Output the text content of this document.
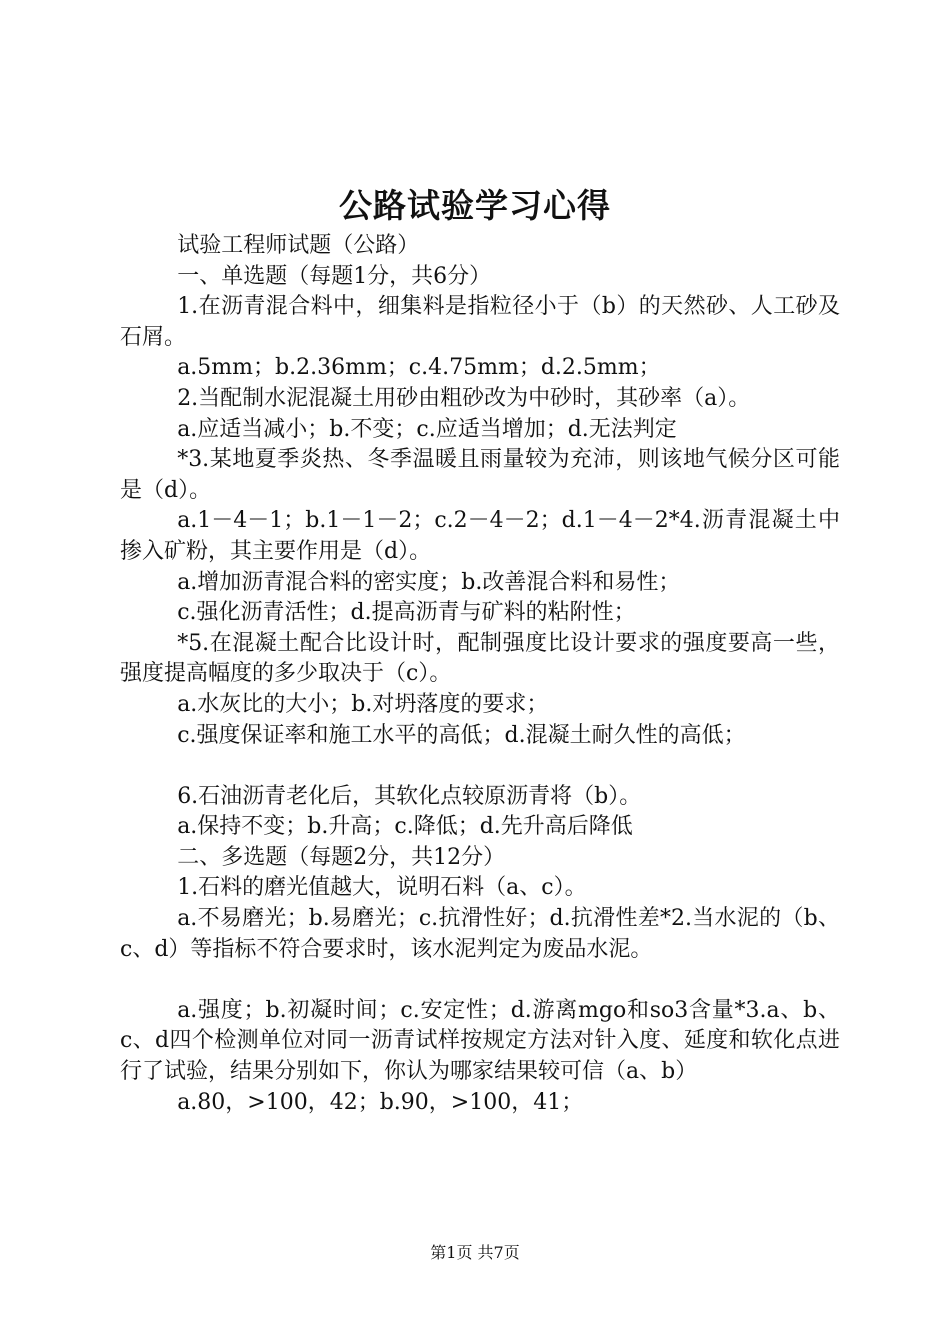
公路试验学习心得

试验工程师试题（公路）

一、单选题（每题1分，共6分）

1.在沥青混合料中，细集料是指粒径小于（b）的天然砂、人工砂及石屑。

a.5mm；b.2.36mm；c.4.75mm；d.2.5mm；

2.当配制水泥混凝土用砂由粗砂改为中砂时，其砂率（a）。

a.应适当减小；b.不变；c.应适当增加；d.无法判定

*3.某地夏季炎热、冬季温暖且雨量较为充沛，则该地气候分区可能是（d）。

a.1－4－1；b.1－1－2；c.2－4－2；d.1－4－2*4.沥青混凝土中掺入矿粉，其主要作用是（d）。

a.增加沥青混合料的密实度；b.改善混合料和易性；

c.强化沥青活性；d.提高沥青与矿料的粘附性；

*5.在混凝土配合比设计时，配制强度比设计要求的强度要高一些，强度提高幅度的多少取决于（c）。

a.水灰比的大小；b.对坍落度的要求；

c.强度保证率和施工水平的高低；d.混凝土耐久性的高低；

6.石油沥青老化后，其软化点较原沥青将（b）。

a.保持不变；b.升高；c.降低；d.先升高后降低

二、多选题（每题2分，共12分）

1.石料的磨光值越大，说明石料（a、c）。

a.不易磨光；b.易磨光；c.抗滑性好；d.抗滑性差*2.当水泥的（b、c、d）等指标不符合要求时，该水泥判定为废品水泥。

a.强度；b.初凝时间；c.安定性；d.游离mgo和so3含量*3.a、b、c、d四个检测单位对同一沥青试样按规定方法对针入度、延度和软化点进行了试验，结果分别如下，你认为哪家结果较可信（a、b）

a.80，>100，42；b.90，>100，41；

第1页 共7页
